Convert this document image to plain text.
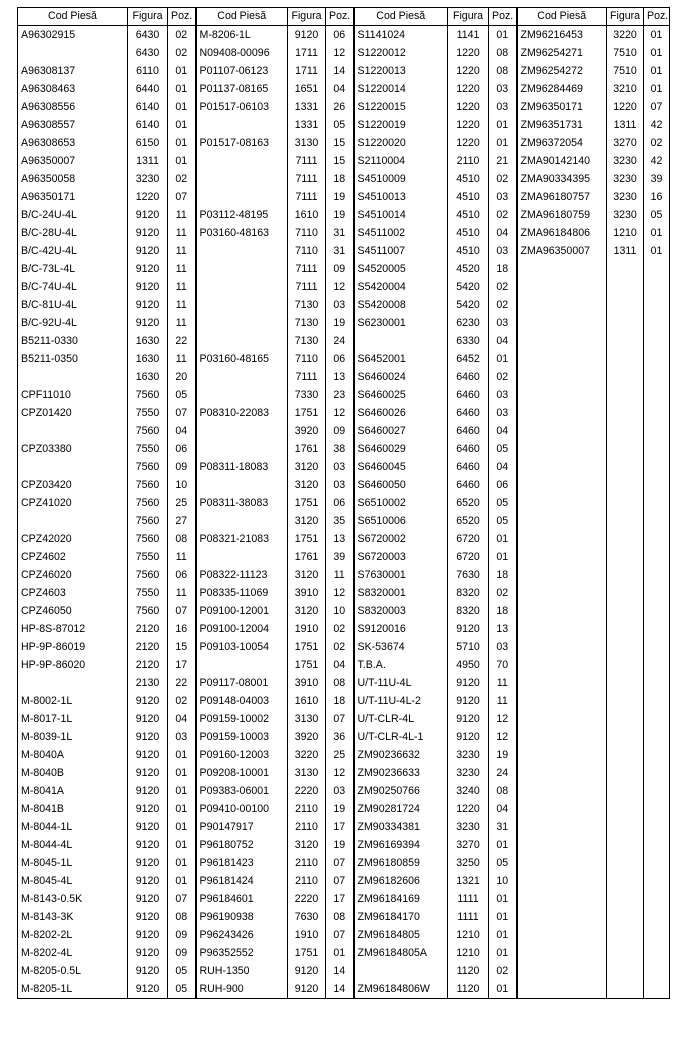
Cod Piesă	Figura	Poz.	Cod Piesă	Figura	Poz.	Cod Piesă	Figura	Poz.	Cod Piesă	Figura	Poz.
A96302915	6430	02	M-8206-1L	9120	06	S1141024	1141	01	ZM96216453	3220	01
	6430	02	N09408-00096	1711	12	S1220012	1220	08	ZM96254271	7510	01
A96308137	6110	01	P01107-06123	1711	14	S1220013	1220	08	ZM96254272	7510	01
A96308463	6440	01	P01137-08165	1651	04	S1220014	1220	03	ZM96284469	3210	01
A96308556	6140	01	P01517-06103	1331	26	S1220015	1220	03	ZM96350171	1220	07
A96308557	6140	01		1331	05	S1220019	1220	01	ZM96351731	1311	42
A96308653	6150	01	P01517-08163	3130	15	S1220020	1220	01	ZM96372054	3270	02
A96350007	1311	01		7111	15	S2110004	2110	21	ZMA90142140	3230	42
A96350058	3230	02		7111	18	S4510009	4510	02	ZMA90334395	3230	39
A96350171	1220	07		7111	19	S4510013	4510	03	ZMA96180757	3230	16
B/C-24U-4L	9120	11	P03112-48195	1610	19	S4510014	4510	02	ZMA96180759	3230	05
B/C-28U-4L	9120	11	P03160-48163	7110	31	S4511002	4510	04	ZMA96184806	1210	01
B/C-42U-4L	9120	11		7110	31	S4511007	4510	03	ZMA96350007	1311	01
B/C-73L-4L	9120	11		7111	09	S4520005	4520	18			
B/C-74U-4L	9120	11		7111	12	S5420004	5420	02			
B/C-81U-4L	9120	11		7130	03	S5420008	5420	02			
B/C-92U-4L	9120	11		7130	19	S6230001	6230	03			
B5211-0330	1630	22		7130	24		6330	04			
B5211-0350	1630	11	P03160-48165	7110	06	S6452001	6452	01			
	1630	20		7111	13	S6460024	6460	02			
CPF11010	7560	05		7330	23	S6460025	6460	03			
CPZ01420	7550	07	P08310-22083	1751	12	S6460026	6460	03			
	7560	04		3920	09	S6460027	6460	04			
CPZ03380	7550	06		1761	38	S6460029	6460	05			
	7560	09	P08311-18083	3120	03	S6460045	6460	04			
CPZ03420	7560	10		3120	03	S6460050	6460	06			
CPZ41020	7560	25	P08311-38083	1751	06	S6510002	6520	05			
	7560	27		3120	35	S6510006	6520	05			
CPZ42020	7560	08	P08321-21083	1751	13	S6720002	6720	01			
CPZ4602	7550	11		1761	39	S6720003	6720	01			
CPZ46020	7560	06	P08322-11123	3120	11	S7630001	7630	18			
CPZ4603	7550	11	P08335-11069	3910	12	S8320001	8320	02			
CPZ46050	7560	07	P09100-12001	3120	10	S8320003	8320	18			
HP-8S-87012	2120	16	P09100-12004	1910	02	S9120016	9120	13			
HP-9P-86019	2120	15	P09103-10054	1751	02	SK-53674	5710	03			
HP-9P-86020	2120	17		1751	04	T.B.A.	4950	70			
	2130	22	P09117-08001	3910	08	U/T-11U-4L	9120	11			
M-8002-1L	9120	02	P09148-04003	1610	18	U/T-11U-4L-2	9120	11			
M-8017-1L	9120	04	P09159-10002	3130	07	U/T-CLR-4L	9120	12			
M-8039-1L	9120	03	P09159-10003	3920	36	U/T-CLR-4L-1	9120	12			
M-8040A	9120	01	P09160-12003	3220	25	ZM90236632	3230	19			
M-8040B	9120	01	P09208-10001	3130	12	ZM90236633	3230	24			
M-8041A	9120	01	P09383-06001	2220	03	ZM90250766	3240	08			
M-8041B	9120	01	P09410-00100	2110	19	ZM90281724	1220	04			
M-8044-1L	9120	01	P90147917	2110	17	ZM90334381	3230	31			
M-8044-4L	9120	01	P96180752	3120	19	ZM96169394	3270	01			
M-8045-1L	9120	01	P96181423	2110	07	ZM96180859	3250	05			
M-8045-4L	9120	01	P96181424	2110	07	ZM96182606	1321	10			
M-8143-0.5K	9120	07	P96184601	2220	17	ZM96184169	1111	01			
M-8143-3K	9120	08	P96190938	7630	08	ZM96184170	1111	01			
M-8202-2L	9120	09	P96243426	1910	07	ZM96184805	1210	01			
M-8202-4L	9120	09	P96352552	1751	01	ZM96184805A	1210	01			
M-8205-0.5L	9120	05	RUH-1350	9120	14		1120	02			
M-8205-1L	9120	05	RUH-900	9120	14	ZM96184806W	1120	01			
